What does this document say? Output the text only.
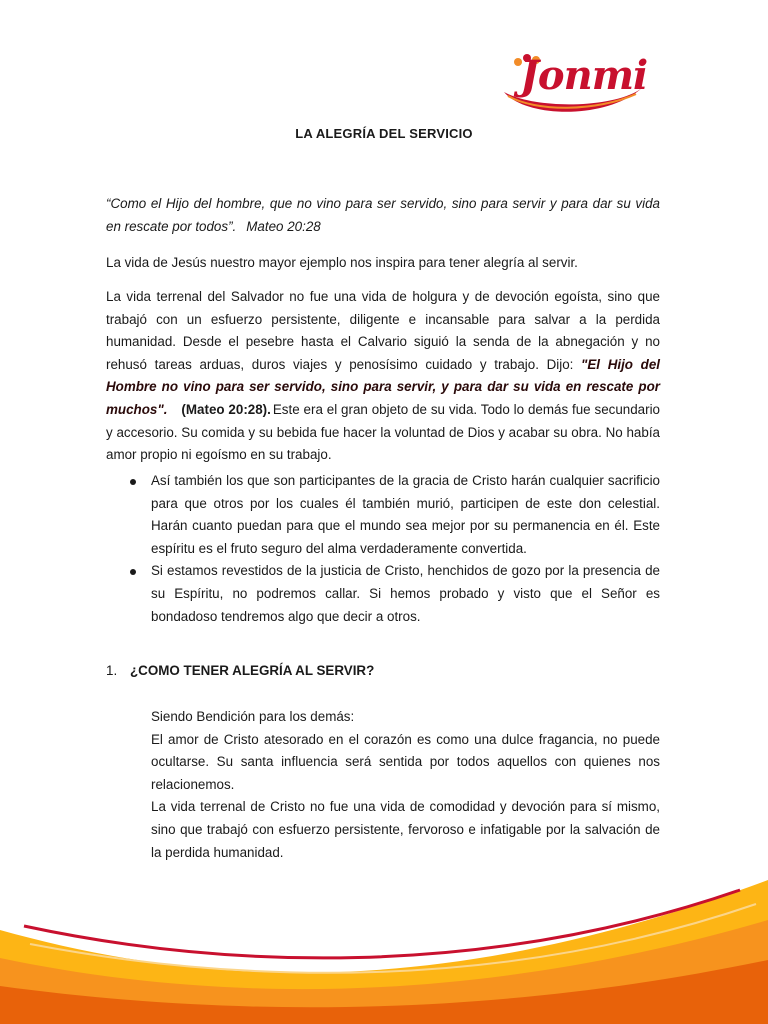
Jonmi
LA ALEGRÍA DEL SERVICIO
“Como el Hijo del hombre, que no vino para ser servido, sino para servir y para dar su vida en rescate por todos”. Mateo 20:28
La vida de Jesús nuestro mayor ejemplo nos inspira para tener alegría al servir.
La vida terrenal del Salvador no fue una vida de holgura y de devoción egoísta, sino que trabajó con un esfuerzo persistente, diligente e incansable para salvar a la perdida humanidad. Desde el pesebre hasta el Calvario siguió la senda de la abnegación y no rehusó tareas arduas, duros viajes y penosísimo cuidado y trabajo. Dijo: "El Hijo del Hombre no vino para ser servido, sino para servir, y para dar su vida en rescate por muchos". (Mateo 20:28). Este era el gran objeto de su vida. Todo lo demás fue secundario y accesorio. Su comida y su bebida fue hacer la voluntad de Dios y acabar su obra. No había amor propio ni egoísmo en su trabajo.
Así también los que son participantes de la gracia de Cristo harán cualquier sacrificio para que otros por los cuales él también murió, participen de este don celestial. Harán cuanto puedan para que el mundo sea mejor por su permanencia en él. Este espíritu es el fruto seguro del alma verdaderamente convertida.
Si estamos revestidos de la justicia de Cristo, henchidos de gozo por la presencia de su Espíritu, no podremos callar. Si hemos probado y visto que el Señor es bondadoso tendremos algo que decir a otros.
1. ¿COMO TENER ALEGRÍA AL SERVIR?

Siendo Bendición para los demás:

El amor de Cristo atesorado en el corazón es como una dulce fragancia, no puede ocultarse. Su santa influencia será sentida por todos aquellos con quienes nos relacionemos.

La vida terrenal de Cristo no fue una vida de comodidad y devoción para sí mismo, sino que trabajó con esfuerzo persistente, fervoroso e infatigable por la salvación de la perdida humanidad.
